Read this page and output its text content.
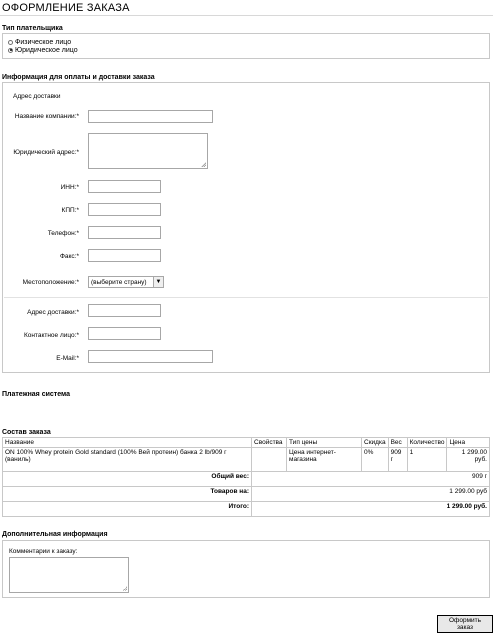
ОФОРМЛЕНИЕ ЗАКАЗА
Тип плательщика
Физическое лицо
Юридическое лицо
Информация для оплаты и доставки заказа
Адрес доставки
Название компании:*
Юридический адрес:*
ИНН:*
КПП:*
Телефон:*
Факс:*
Местоположение:*	(выберите страну)	▼
Адрес доставки:*
Контактное лицо:*
E-Mail:*
Платежная система
Состав заказа
Название	Свойства	Тип цены	Скидка	Вес	Количество	Цена
ON 100% Whey protein Gold standard (100% Вей протеин) банка 2 lb/909 г (ваниль)		Цена интернет-магазина	0%	909 г	1	1 299.00 руб.
Общий вес:	909 г					
Товаров на:	1 299.00 руб					
Итого:	1 299.00 руб.					
Дополнительная информация
Комментарии к заказу:
Оформить заказ
